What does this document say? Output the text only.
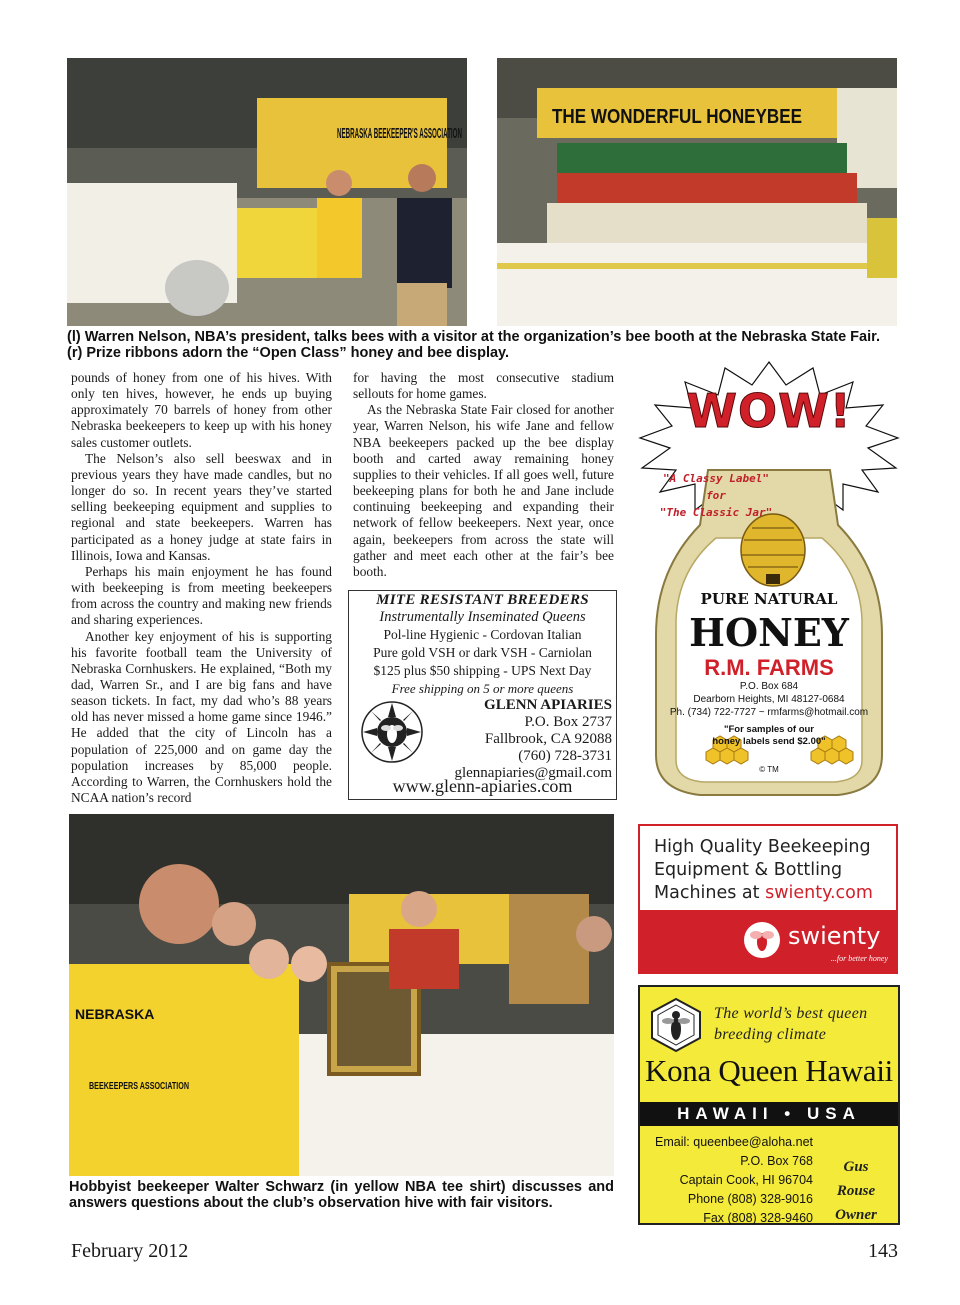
NEBRASKA BEEKEEPER'S ASSOCIATION
THE WONDERFUL HONEYBEE
(l) Warren Nelson, NBA’s president, talks bees with a visitor at the organization’s bee booth at the Nebraska State Fair. (r) Prize ribbons adorn the “Open Class” honey and bee display.

pounds of honey from one of his hives. With only ten hives, however, he ends up buying approximately 70 barrels of honey from other Nebraska beekeepers to keep up with his honey sales customer outlets.

The Nelson’s also sell beeswax and in previous years they have made candles, but no longer do so. In recent years they’ve started selling beekeeping equipment and supplies to regional and state beekeepers. Warren has participated as a honey judge at state fairs in Illinois, Iowa and Kansas.

Perhaps his main enjoyment he has found with beekeeping is from meeting beekeepers from across the country and making new friends and sharing experiences.

Another key enjoyment of his is supporting his favorite football team the University of Nebraska Cornhuskers. He explained, “Both my dad, Warren Sr., and I are big fans and have season tickets. In fact, my dad who’s 88 years old has never missed a home game since 1946.” He added that the city of Lincoln has a population of 225,000 and on game day the population increases by 85,000 people. According to Warren, the Cornhuskers hold the NCAA nation’s record

for having the most consecutive stadium sellouts for home games.

As the Nebraska State Fair closed for another year, Warren Nelson, his wife Jane and fellow NBA beekeepers packed up the bee display booth and carted away remaining honey supplies to their vehicles. If all goes well, future beekeeping plans for both he and Jane include continuing beekeeping and expanding their network of fellow beekeepers. Next year, once again, beekeepers from across the state will gather and meet each other at the fair’s bee booth.

MITE RESISTANT BREEDERS
Instrumentally Inseminated Queens
Pol-line Hygienic - Cordovan Italian
Pure gold VSH or dark VSH - Carniolan
$125 plus $50 shipping - UPS Next Day
Free shipping on 5 or more queens
GLENN APIARIES
P.O. Box 2737
Fallbrook, CA 92088
(760) 728-3731
glennapiaries@gmail.com
www.glenn-apiaries.com
WOW!
"A Classy Label"
for
"The Classic Jar"
PURE NATURAL
HONEY
R.M. FARMS
P.O. Box 684
Dearborn Heights, MI 48127-0684
Ph. (734) 722-7727 ~ rmfarms@hotmail.com
"For samples of our
honey labels send $2.00"
© TM
High Quality Beekeeping
Equipment & Bottling
Machines at swienty.com
swienty
...for better honey
The world’s best queen
breeding climate
Kona Queen Hawaii
HAWAII • USA
Email: queenbee@aloha.net
P.O. Box 768
Captain Cook, HI 96704
Phone (808) 328-9016
Fax (808) 328-9460
Gus
Rouse
Owner
NEBRASKA
BEEKEEPERS ASSOCIATION
Hobbyist beekeeper Walter Schwarz (in yellow NBA tee shirt) discusses and answers questions about the club’s observation hive with fair visitors.
February 2012	143
